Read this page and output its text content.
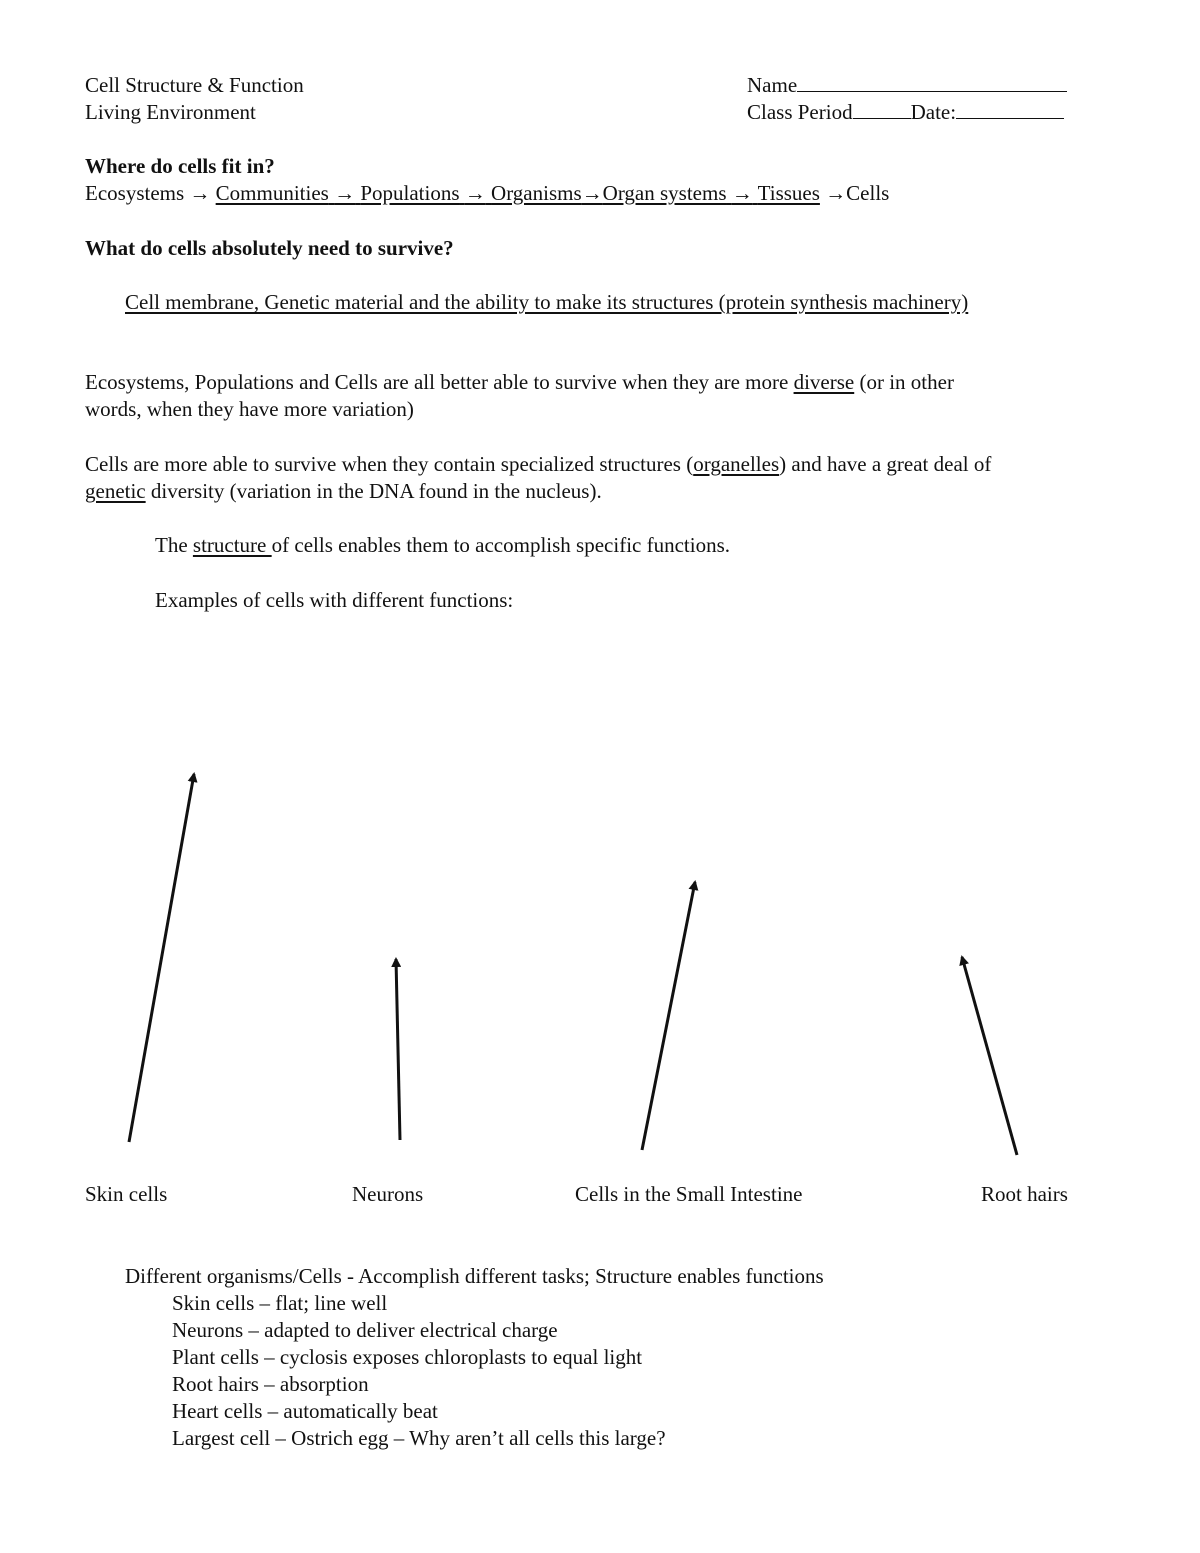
Cell Structure & Function
Living Environment
Name
Class Period	Date:
Where do cells fit in?
Ecosystems → Communities → Populations → Organisms→Organ systems → Tissues →Cells
What do cells absolutely need to survive?
Cell membrane, Genetic material and the ability to make its structures (protein synthesis machinery)
Ecosystems, Populations and Cells are all better able to survive when they are more diverse (or in other
words, when they have more variation)
Cells are more able to survive when they contain specialized structures (organelles) and have a great deal of
genetic diversity (variation in the DNA found in the nucleus).
The structure of cells enables them to accomplish specific functions.
Examples of cells with different functions:
Skin cells	Neurons	Cells in the Small Intestine	Root hairs
Different organisms/Cells - Accomplish different tasks; Structure enables functions
Skin cells – flat; line well
Neurons – adapted to deliver electrical charge
Plant cells – cyclosis exposes chloroplasts to equal light
Root hairs – absorption
Heart cells – automatically beat
Largest cell – Ostrich egg – Why aren’t all cells this large?
